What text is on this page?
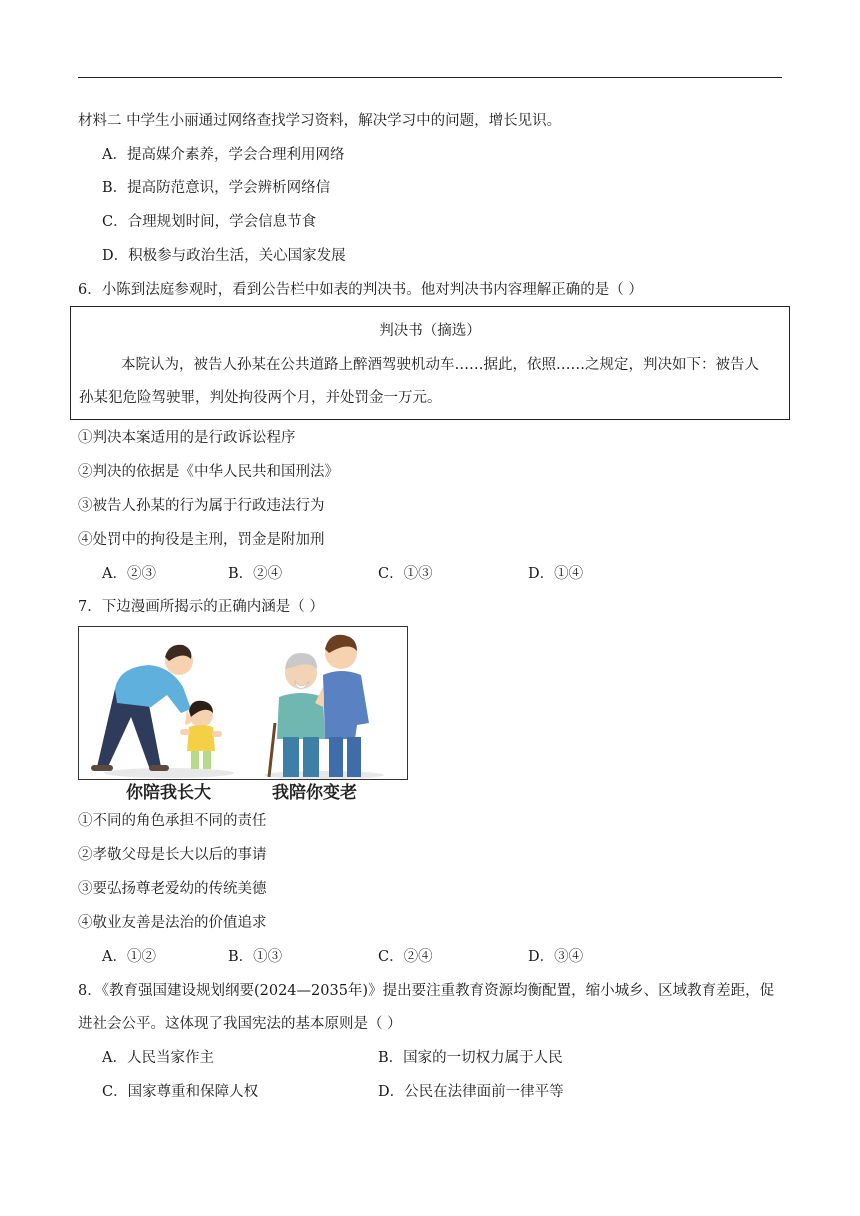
材料二 中学生小丽通过网络查找学习资料，解决学习中的问题，增长见识。
A．提高媒介素养，学会合理利用网络
B．提高防范意识，学会辨析网络信
C．合理规划时间，学会信息节食
D．积极参与政治生活，关心国家发展
6．小陈到法庭参观时，看到公告栏中如表的判决书。他对判决书内容理解正确的是（ ）
判决书（摘选）
本院认为，被告人孙某在公共道路上醉酒驾驶机动车……据此，依照……之规定，判决如下：被告人
孙某犯危险驾驶罪，判处拘役两个月，并处罚金一万元。
①判决本案适用的是行政诉讼程序
②判决的依据是《中华人民共和国刑法》
③被告人孙某的行为属于行政违法行为
④处罚中的拘役是主刑，罚金是附加刑
A．②③	B．②④	C．①③	D．①④
7．下边漫画所揭示的正确内涵是（ ）
你陪我长大	我陪你变老
①不同的角色承担不同的责任
②孝敬父母是长大以后的事请
③要弘扬尊老爱幼的传统美德
④敬业友善是法治的价值追求
A．①②	B．①③	C．②④	D．③④
8．《教育强国建设规划纲要(2024—2035年)》提出要注重教育资源均衡配置，缩小城乡、区域教育差距，促
进社会公平。这体现了我国宪法的基本原则是（ ）
A．人民当家作主	B．国家的一切权力属于人民
C．国家尊重和保障人权	D．公民在法律面前一律平等
